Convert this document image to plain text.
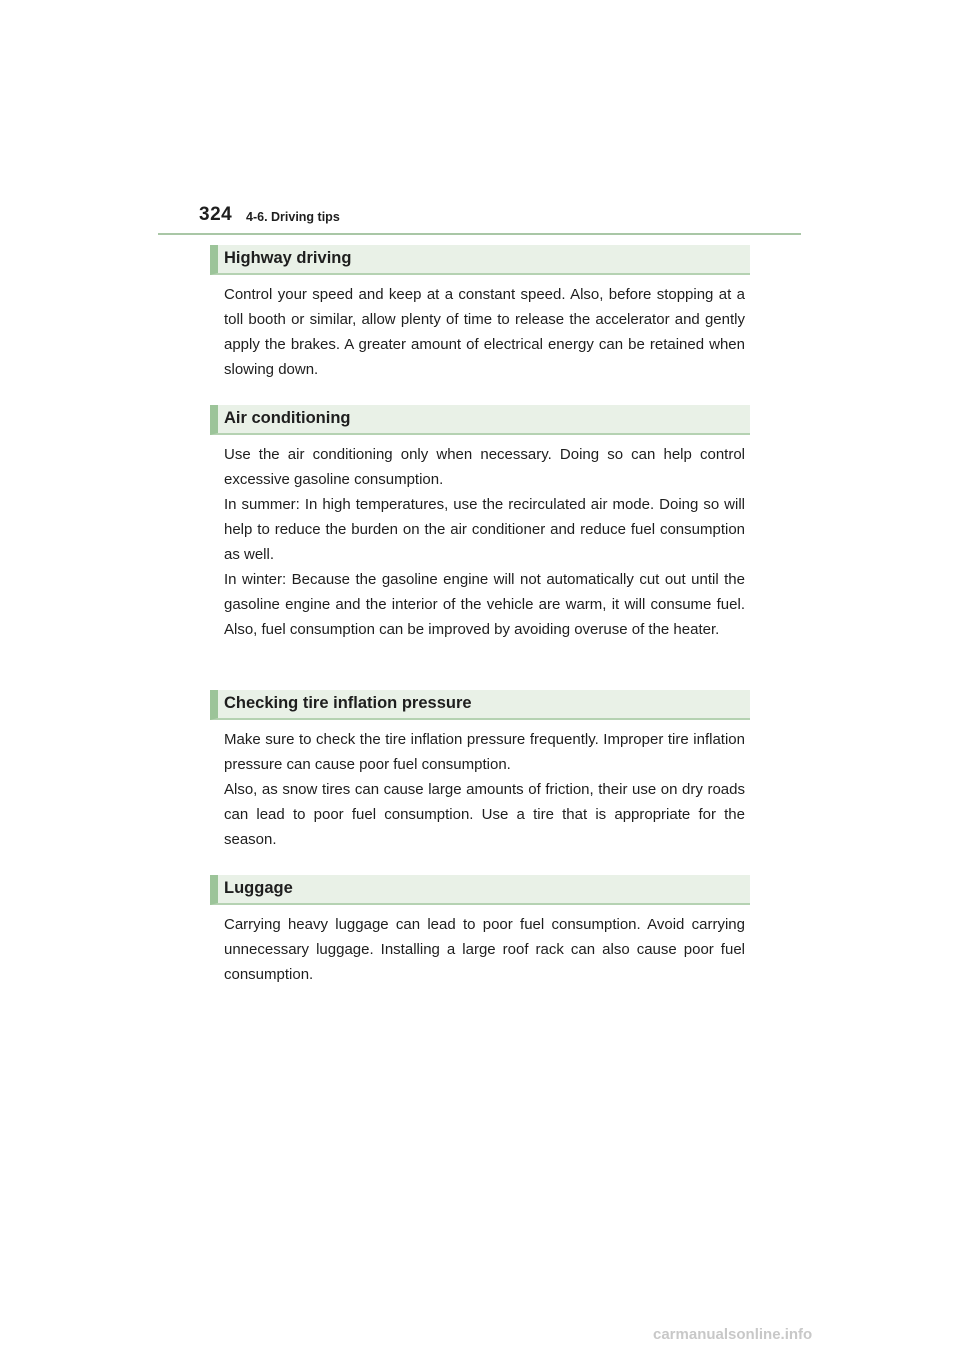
324 4-6. Driving tips
Highway driving

Control your speed and keep at a constant speed. Also, before stopping at a toll booth or similar, allow plenty of time to release the accelerator and gently apply the brakes. A greater amount of electrical energy can be retained when slowing down.

Air conditioning

Use the air conditioning only when necessary. Doing so can help control excessive gasoline consumption.

In summer: In high temperatures, use the recirculated air mode. Doing so will help to reduce the burden on the air conditioner and reduce fuel consumption as well.

In winter: Because the gasoline engine will not automatically cut out until the gasoline engine and the interior of the vehicle are warm, it will consume fuel. Also, fuel consumption can be improved by avoiding overuse of the heater.

Checking tire inflation pressure

Make sure to check the tire inflation pressure frequently. Improper tire inflation pressure can cause poor fuel consumption.

Also, as snow tires can cause large amounts of friction, their use on dry roads can lead to poor fuel consumption. Use a tire that is appropriate for the season.

Luggage

Carrying heavy luggage can lead to poor fuel consumption. Avoid carrying unnecessary luggage. Installing a large roof rack can also cause poor fuel consumption.

carmanualsonline.info
